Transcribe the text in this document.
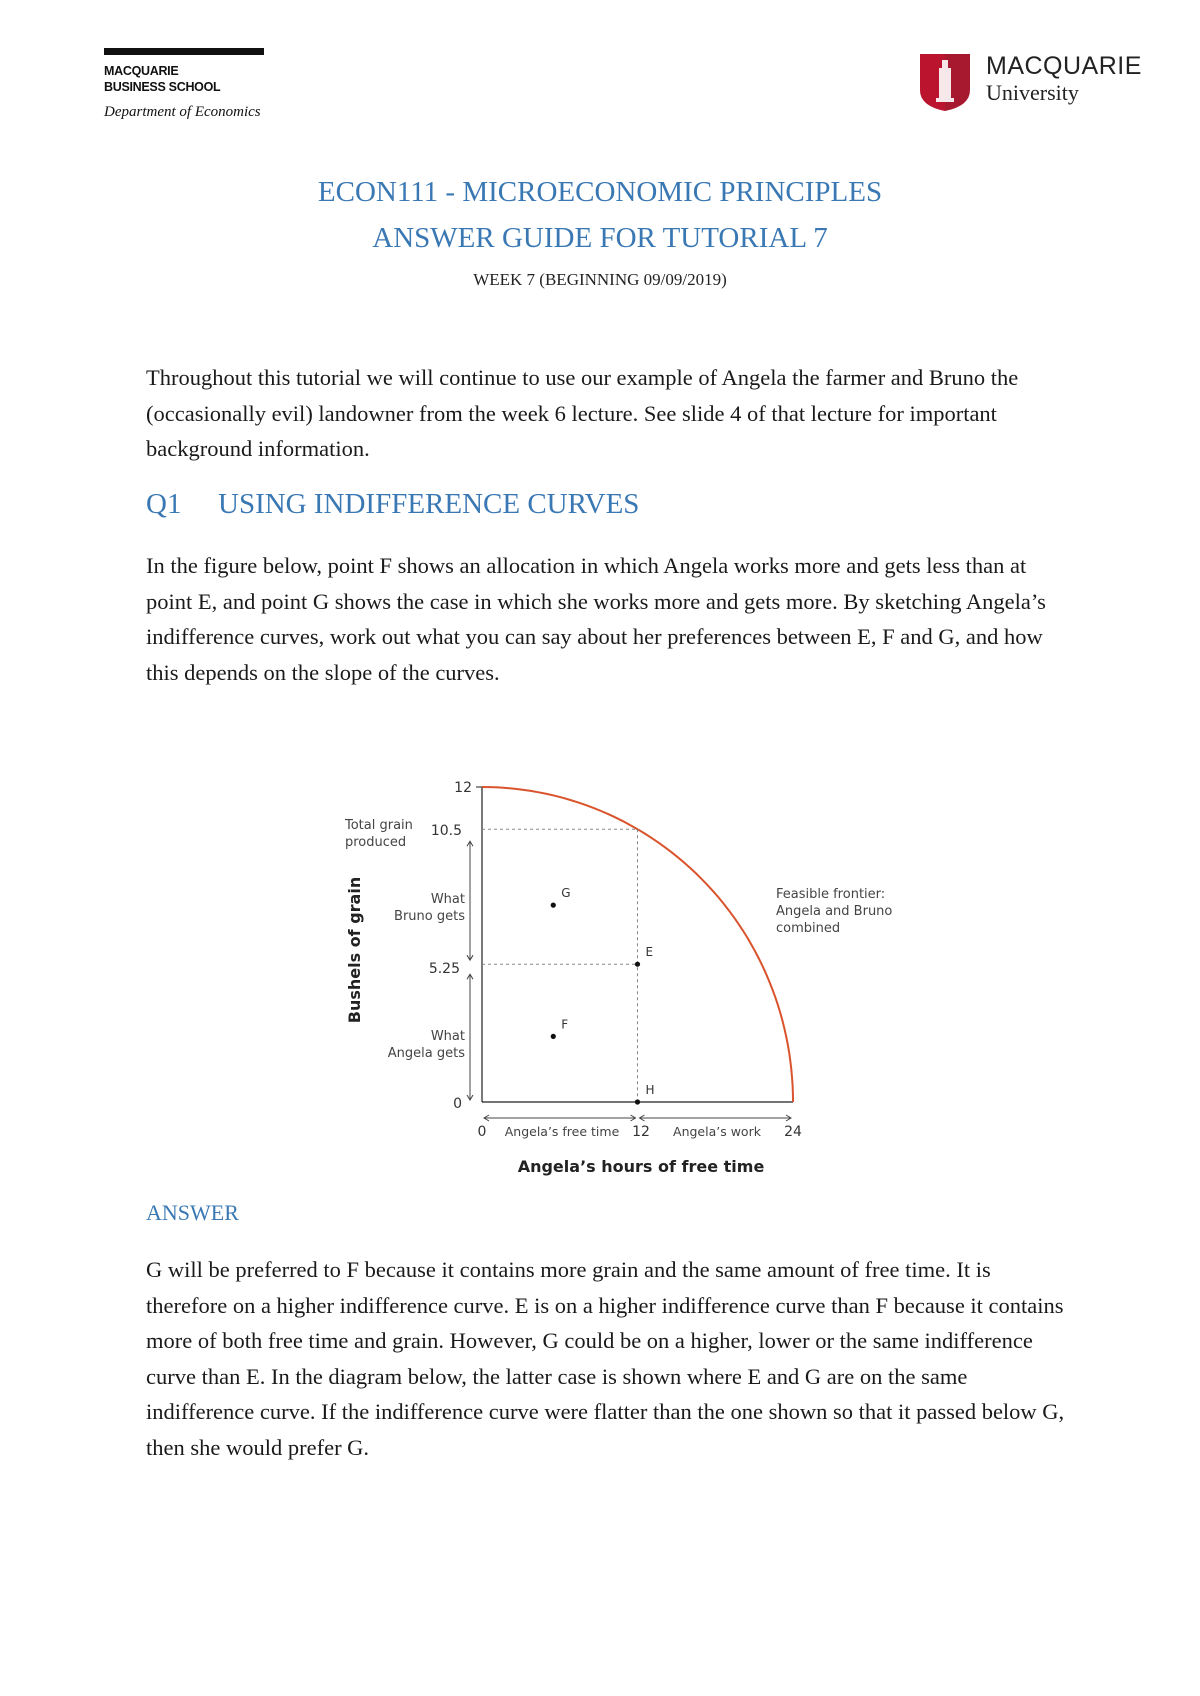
MACQUARIE
BUSINESS SCHOOL
Department of Economics
MACQUARIE
University
ECON111 - MICROECONOMIC PRINCIPLES
ANSWER GUIDE FOR TUTORIAL 7
WEEK 7 (BEGINNING 09/09/2019)

Throughout this tutorial we will continue to use our example of Angela the farmer and Bruno the (occasionally evil) landowner from the week 6 lecture. See slide 4 of that lecture for important background information.

Q1 USING INDIFFERENCE CURVES

In the figure below, point F shows an allocation in which Angela works more and gets less than at point E, and point G shows the case in which she works more and gets more. By sketching Angela’s indifference curves, work out what you can say about her preferences between E, F and G, and how this depends on the slope of the curves.

E
F
G
H
12
10.5
5.25
0
0	12	24
Angela’s hours of free time
Bushels of grain
Total grain produced
What Bruno gets
What Angela gets
Angela’s free time	Angela’s work
Feasible frontier: Angela and Bruno combined
ANSWER

G will be preferred to F because it contains more grain and the same amount of free time. It is therefore on a higher indifference curve. E is on a higher indifference curve than F because it contains more of both free time and grain. However, G could be on a higher, lower or the same indifference curve than E. In the diagram below, the latter case is shown where E and G are on the same indifference curve. If the indifference curve were flatter than the one shown so that it passed below G, then she would prefer G.
